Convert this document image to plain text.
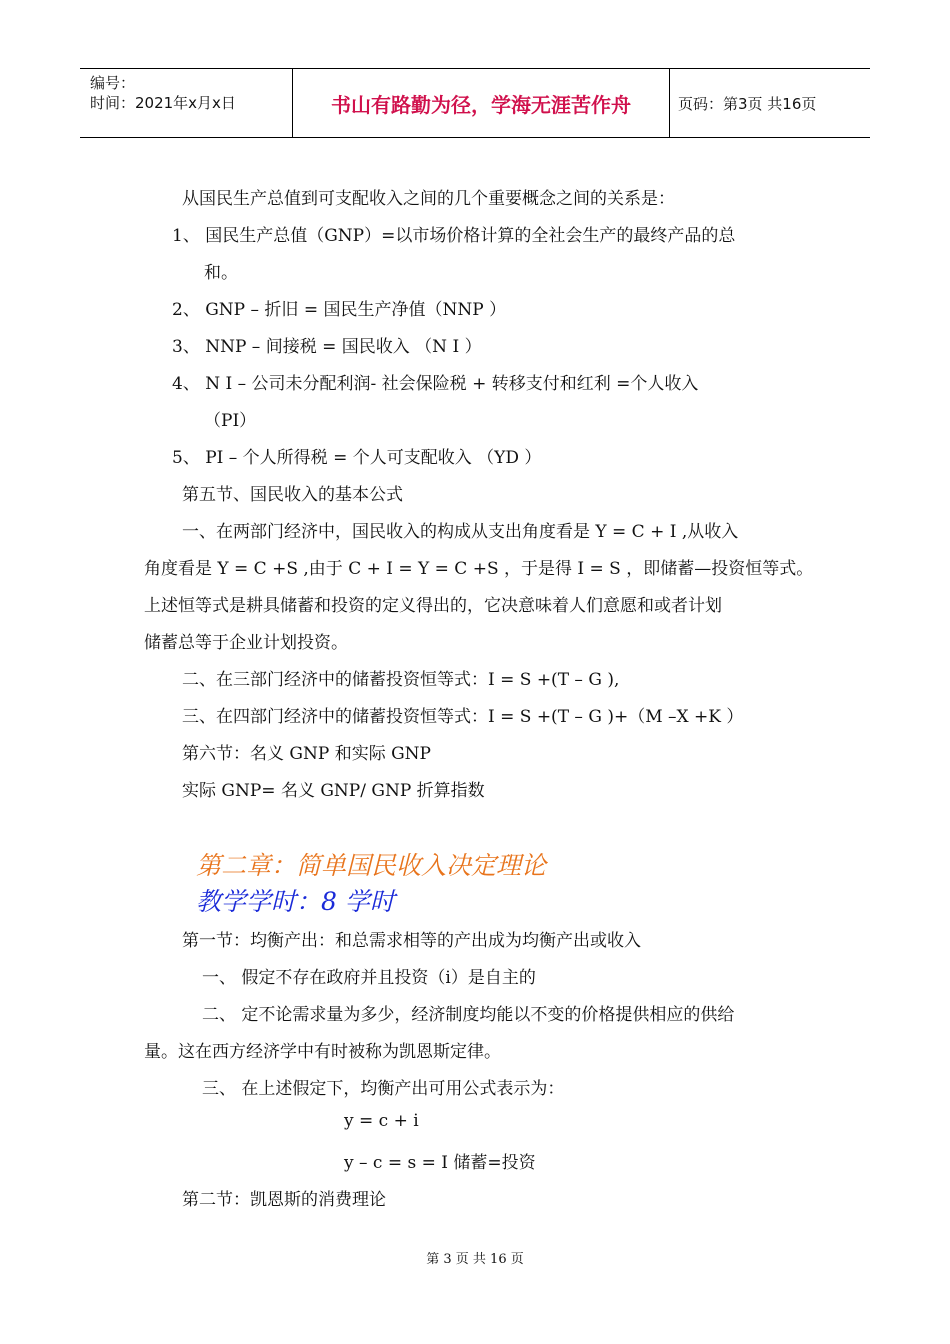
编号：
时间：2021年x月x日	书山有路勤为径，学海无涯苦作舟	页码：第3页 共16页
从国民生产总值到可支配收入之间的几个重要概念之间的关系是：
1、 国民生产总值（GNP）=以市场价格计算的全社会生产的最终产品的总
和。
2、 GNP – 折旧 = 国民生产净值（NNP ）
3、 NNP – 间接税 = 国民收入 （N I ）
4、 N I – 公司未分配利润- 社会保险税 + 转移支付和红利 =个人收入
（PI）
5、 PI – 个人所得税 = 个人可支配收入 （YD ）
第五节、国民收入的基本公式
一、在两部门经济中，国民收入的构成从支出角度看是 Y = C + I ,从收入
角度看是 Y = C +S ,由于 C + I = Y = C +S ，于是得 I = S ，即储蓄—投资恒等式。
上述恒等式是耕具储蓄和投资的定义得出的，它决意味着人们意愿和或者计划
储蓄总等于企业计划投资。
二、在三部门经济中的储蓄投资恒等式：I = S +(T – G ),
三、在四部门经济中的储蓄投资恒等式：I = S +(T – G )+（M –X +K ）
第六节：名义 GNP 和实际 GNP
实际 GNP= 名义 GNP/ GNP 折算指数
第二章：简单国民收入决定理论
教学学时：8 学时
第一节：均衡产出：和总需求相等的产出成为均衡产出或收入
一、 假定不存在政府并且投资（i）是自主的
二、 定不论需求量为多少，经济制度均能以不变的价格提供相应的供给
量。这在西方经济学中有时被称为凯恩斯定律。
三、 在上述假定下，均衡产出可用公式表示为：
y = c + i
y – c = s = I 储蓄=投资
第二节：凯恩斯的消费理论
第 3 页 共 16 页
